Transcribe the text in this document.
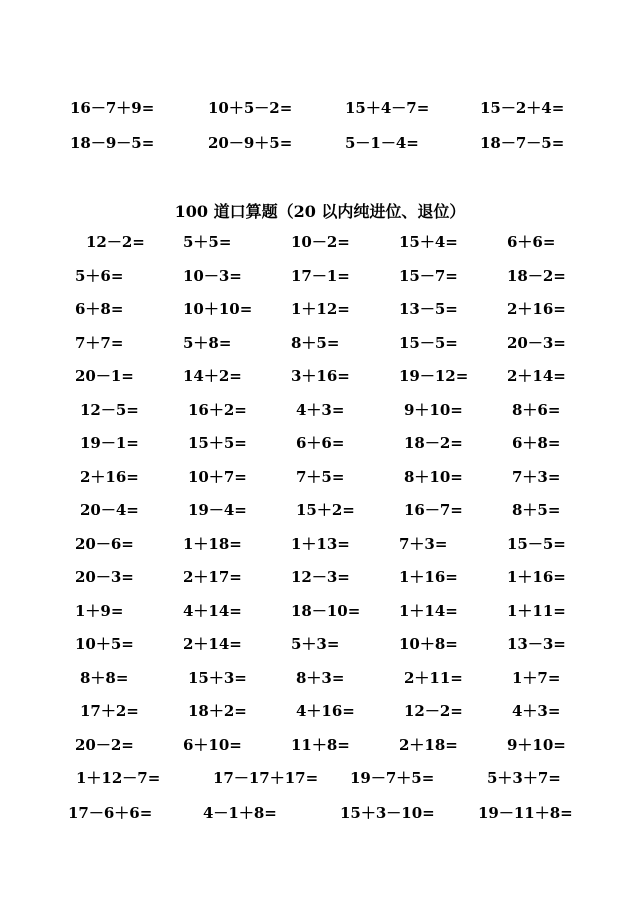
100 道口算题（20 以内纯进位、退位）
16－7＋9=	10＋5－2=	15＋4－7=	15－2＋4=
18－9－5=	20－9＋5=	5－1－4=	18－7－5=
12－2=	5＋5=	10－2=	15＋4=	6＋6=
5＋6=	10－3=	17－1=	15－7=	18－2=
6＋8=	10＋10=	1＋12=	13－5=	2＋16=
7＋7=	5＋8=	8＋5=	15－5=	20－3=
20－1=	14＋2=	3＋16=	19－12=	2＋14=
12－5=	16＋2=	4＋3=	9＋10=	8＋6=
19－1=	15＋5=	6＋6=	18－2=	6＋8=
2＋16=	10＋7=	7＋5=	8＋10=	7＋3=
20－4=	19－4=	15＋2=	16－7=	8＋5=
20－6=	1＋18=	1＋13=	7＋3=	15－5=
20－3=	2＋17=	12－3=	1＋16=	1＋16=
1＋9=	4＋14=	18－10=	1＋14=	1＋11=
10＋5=	2＋14=	5＋3=	10＋8=	13－3=
8＋8=	15＋3=	8＋3=	2＋11=	1＋7=
17＋2=	18＋2=	4＋16=	12－2=	4＋3=
20－2=	6＋10=	11＋8=	2＋18=	9＋10=
1＋12－7=	17－17＋17= 19－7＋5=	5＋3＋7=
17－6＋6=	4－1＋8=	15＋3－10=	19－11＋8=
